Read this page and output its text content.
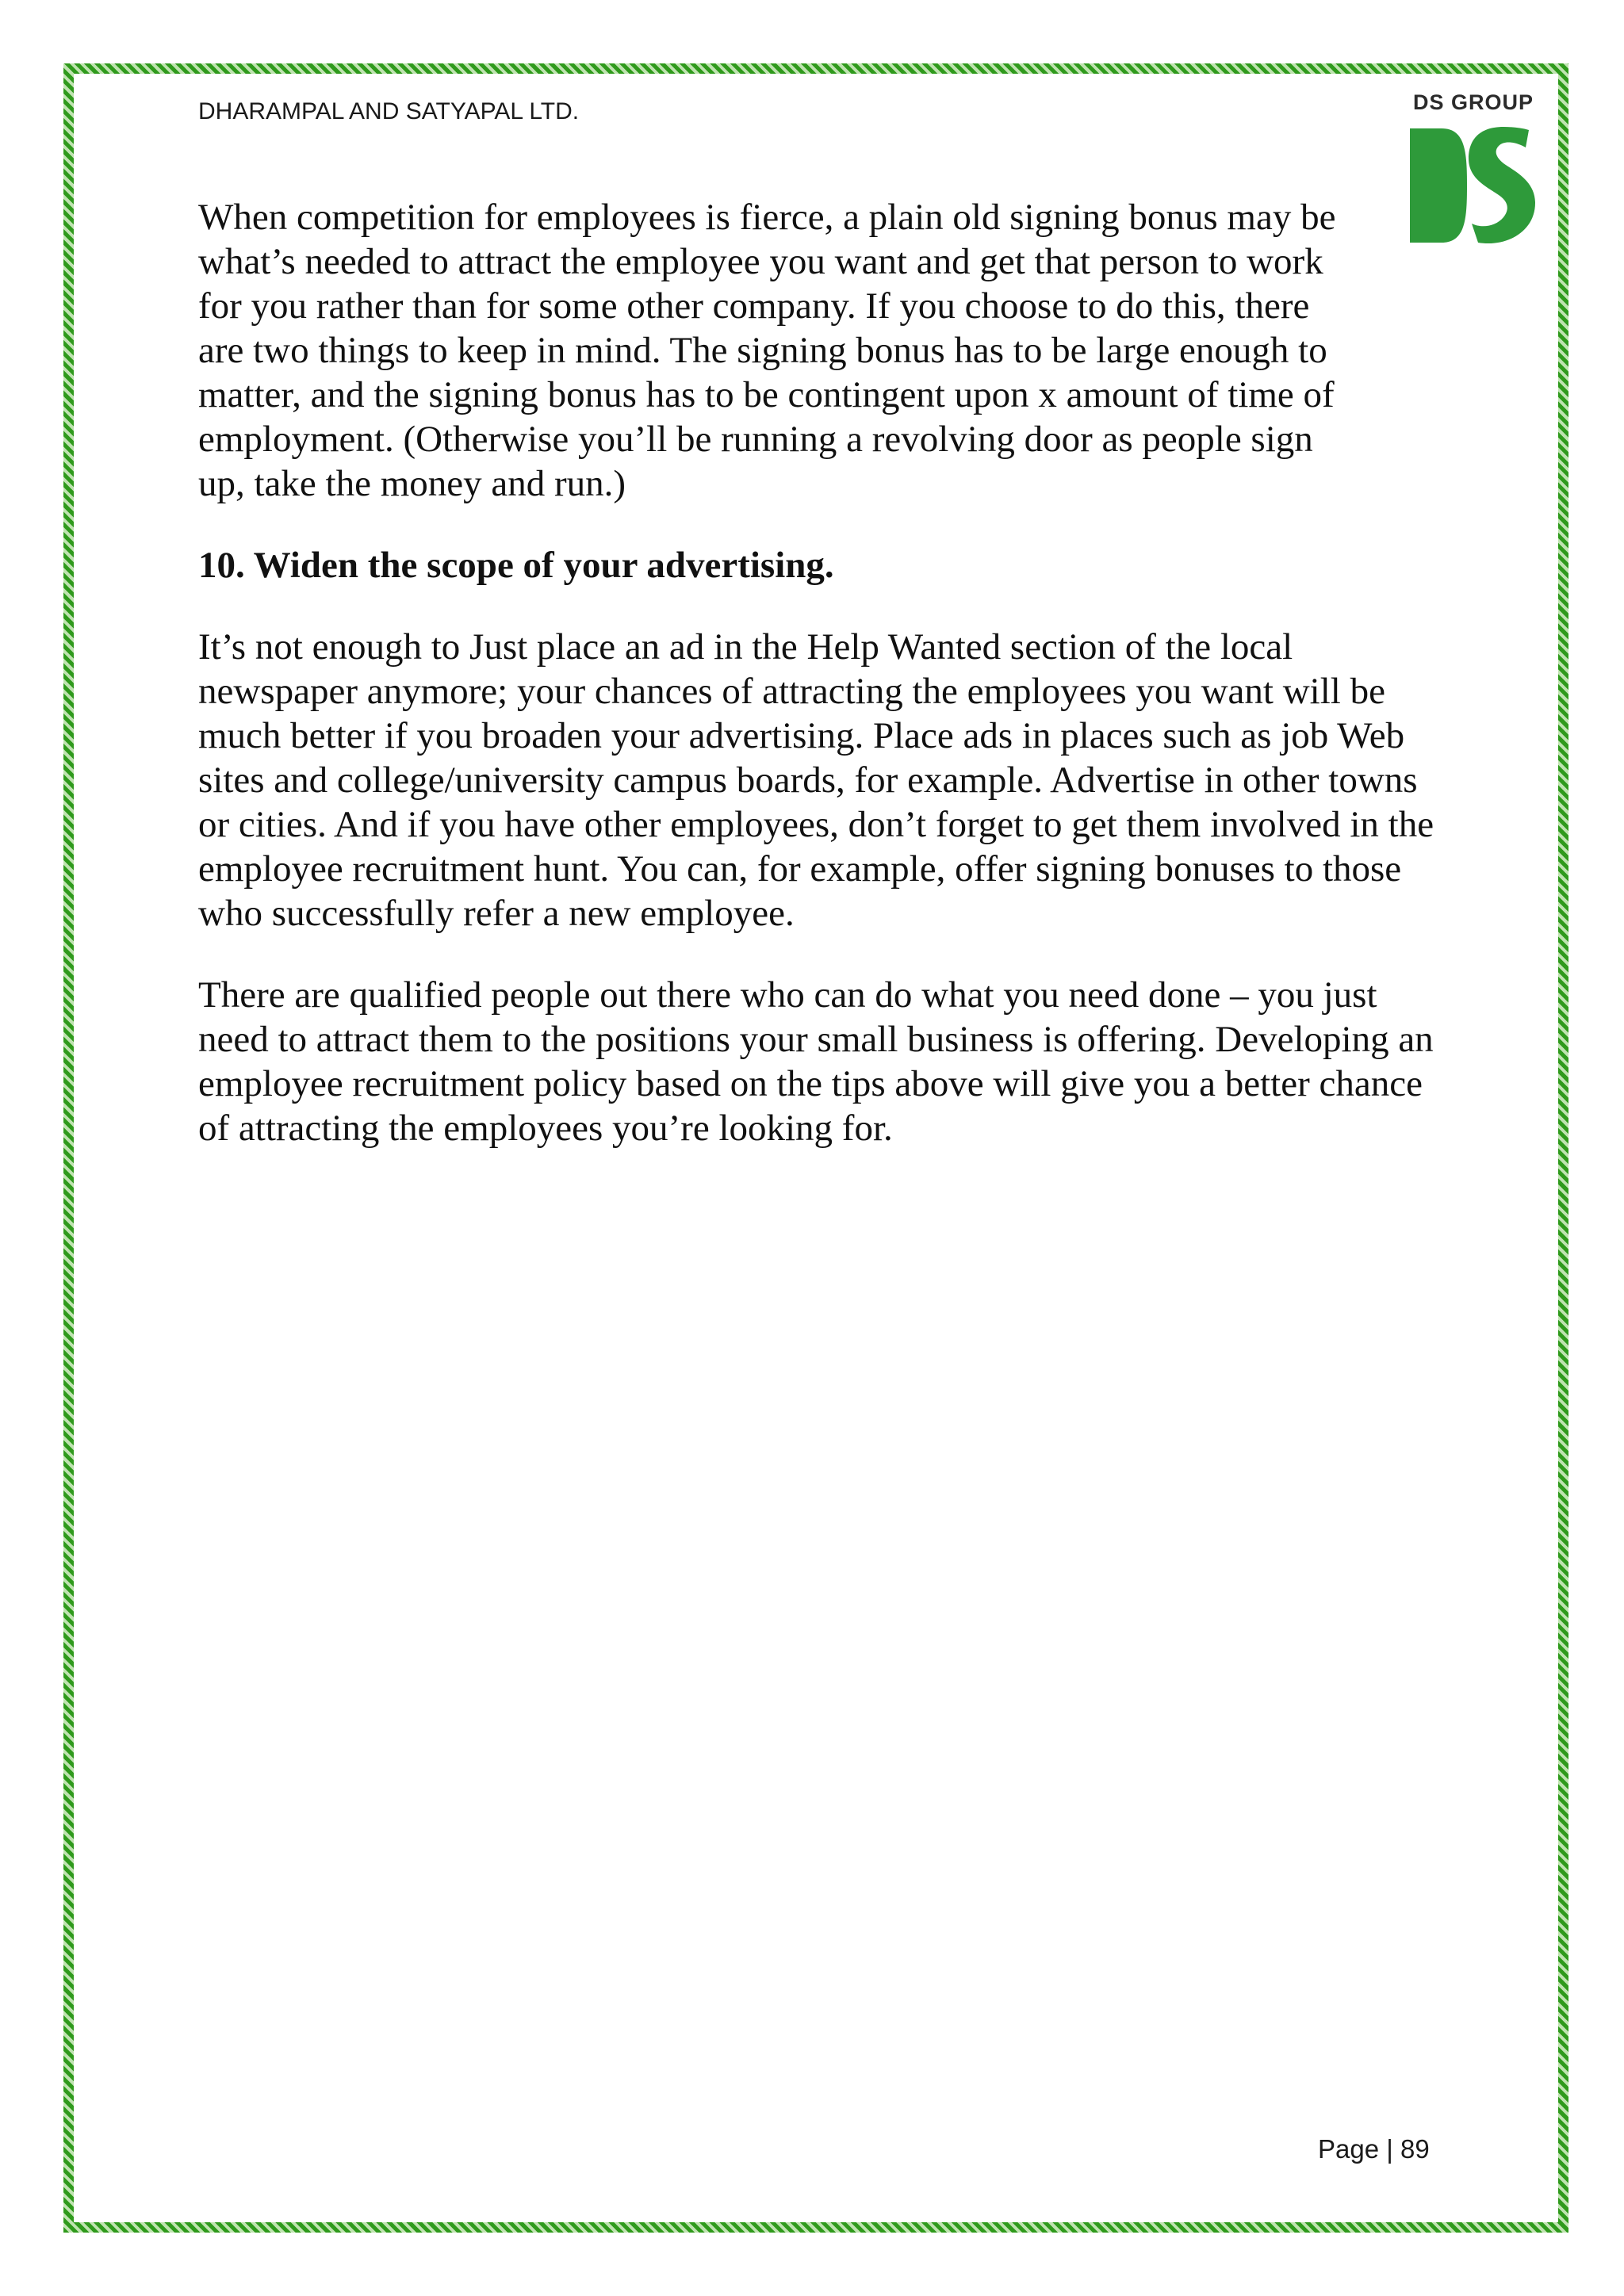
DHARAMPAL AND SATYAPAL LTD.	DS GROUP

When competition for employees is fierce, a plain old signing bonus may be what’s needed to attract the employee you want and get that person to work for you rather than for some other company. If you choose to do this, there are two things to keep in mind. The signing bonus has to be large enough to matter, and the signing bonus has to be contingent upon x amount of time of employment. (Otherwise you’ll be running a revolving door as people sign up, take the money and run.)

10. Widen the scope of your advertising.

It’s not enough to Just place an ad in the Help Wanted section of the local newspaper anymore; your chances of attracting the employees you want will be much better if you broaden your advertising. Place ads in places such as job Web sites and college/university campus boards, for example. Advertise in other towns or cities. And if you have other employees, don’t forget to get them involved in the employee recruitment hunt. You can, for example, offer signing bonuses to those who successfully refer a new employee.

There are qualified people out there who can do what you need done – you just need to attract them to the positions your small business is offering. Developing an employee recruitment policy based on the tips above will give you a better chance of attracting the employees you’re looking for.

Page | 89
